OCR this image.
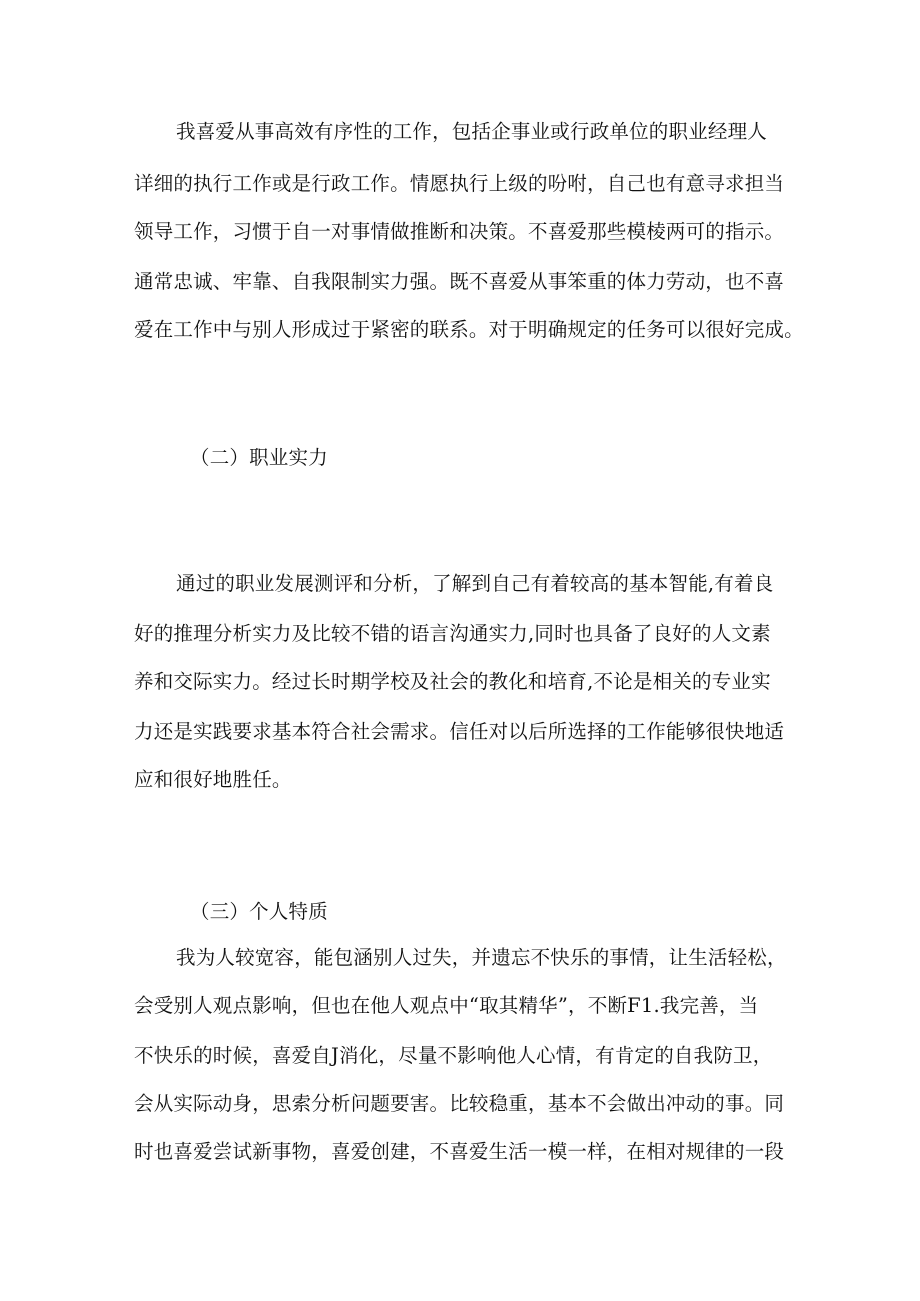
我喜爱从事高效有序性的工作，包括企事业或行政单位的职业经理人
详细的执行工作或是行政工作。情愿执行上级的吩咐，自己也有意寻求担当
领导工作，习惯于自一对事情做推断和决策。不喜爱那些模棱两可的指示。
通常忠诚、牢靠、自我限制实力强。既不喜爱从事笨重的体力劳动，也不喜
爱在工作中与别人形成过于紧密的联系。对于明确规定的任务可以很好完成。
（二）职业实力
通过的职业发展测评和分析，了解到自己有着较高的基本智能,有着良
好的推理分析实力及比较不错的语言沟通实力,同时也具备了良好的人文素
养和交际实力。经过长时期学校及社会的教化和培育,不论是相关的专业实
力还是实践要求基本符合社会需求。信任对以后所选择的工作能够很快地适
应和很好地胜任。
（三）个人特质
我为人较宽容，能包涵别人过失，并遗忘不快乐的事情，让生活轻松，
会受别人观点影响，但也在他人观点中“取其精华”，不断F1.我完善，当
不快乐的时候，喜爱自J消化，尽量不影响他人心情，有肯定的自我防卫，
会从实际动身，思索分析问题要害。比较稳重，基本不会做出冲动的事。同
时也喜爱尝试新事物，喜爱创建，不喜爱生活一模一样，在相对规律的一段
